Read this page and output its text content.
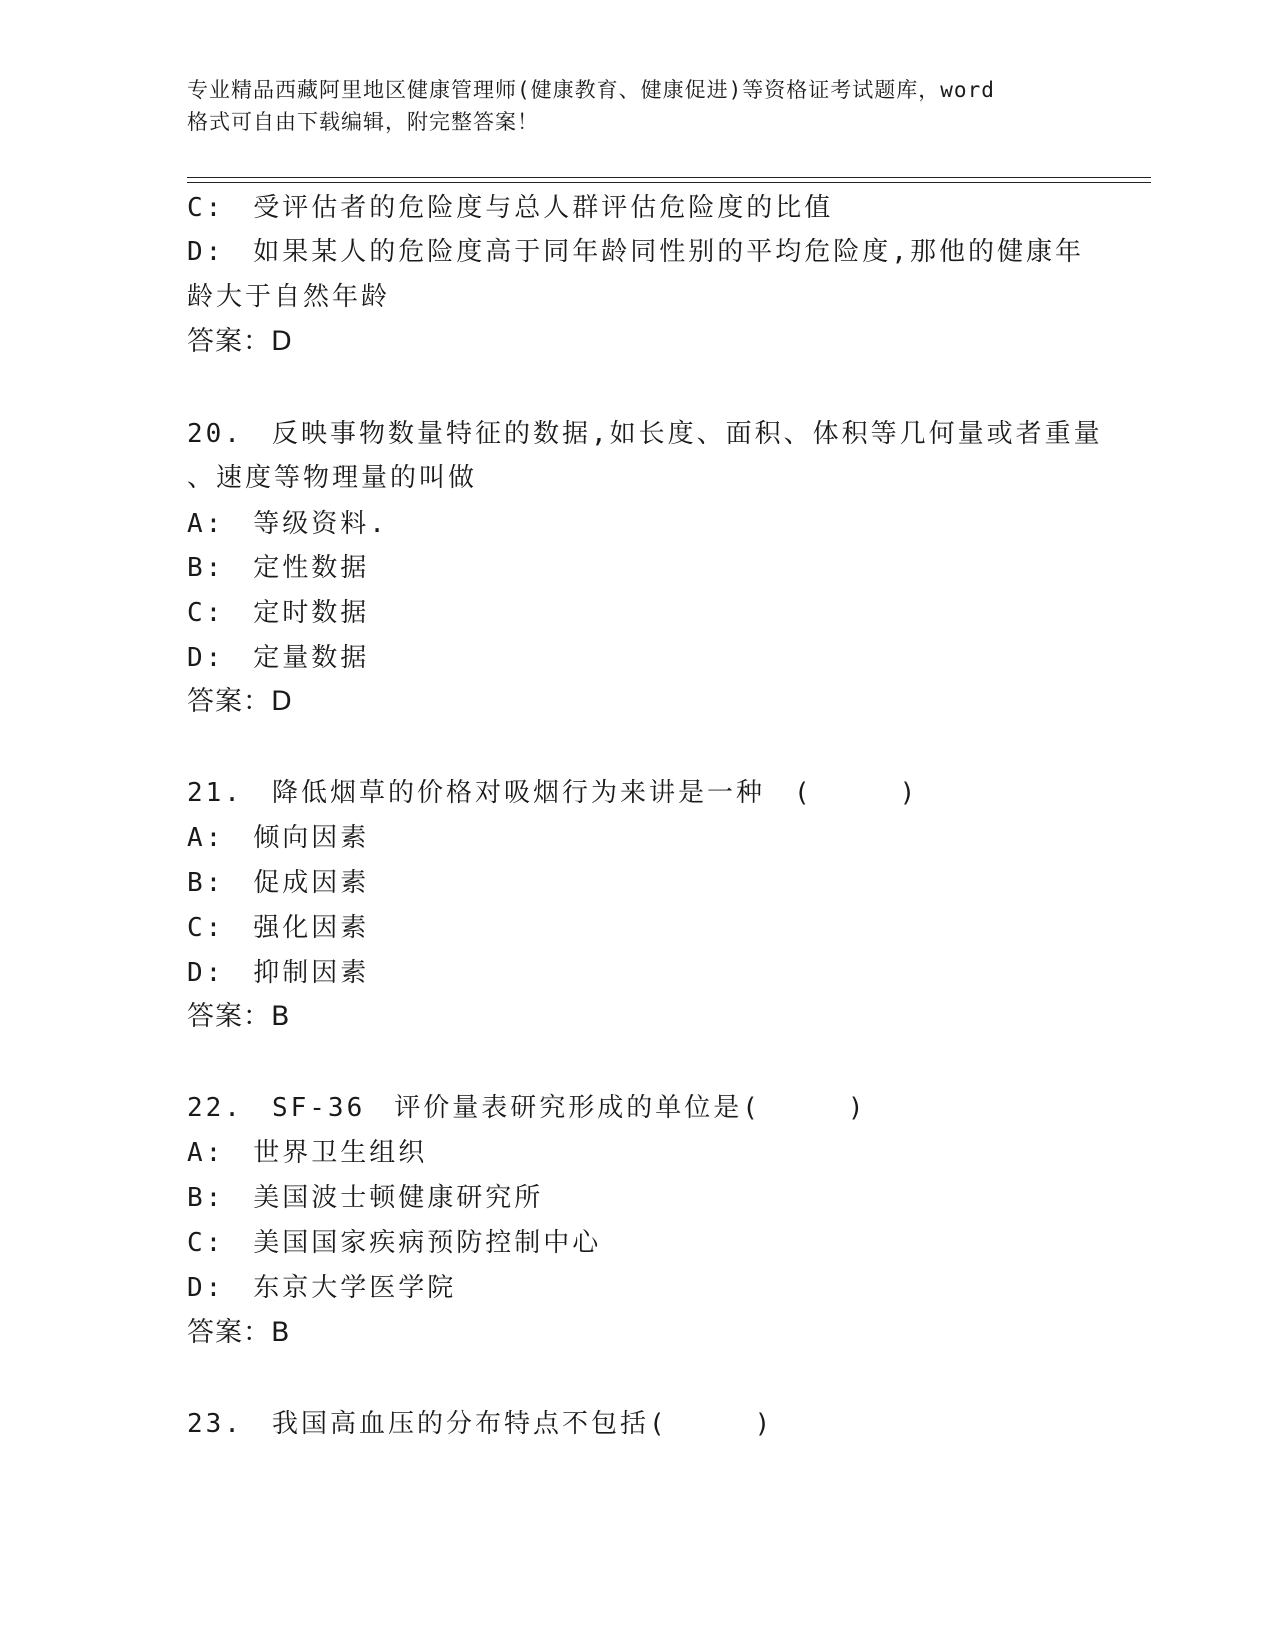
专业精品西藏阿里地区健康管理师(健康教育、健康促进)等资格证考试题库，word
格式可自由下载编辑，附完整答案！
C:　受评估者的危险度与总人群评估危险度的比值
D:　如果某人的危险度高于同年龄同性别的平均危险度,那他的健康年
龄大于自然年龄
答案：D
20.　反映事物数量特征的数据,如长度、面积、体积等几何量或者重量
、速度等物理量的叫做
A:　等级资料.
B:　定性数据
C:　定时数据
D:　定量数据
答案：D
21.　降低烟草的价格对吸烟行为来讲是一种　(　　　)
A:　倾向因素
B:　促成因素
C:　强化因素
D:　抑制因素
答案：B
22.　SF-36　评价量表研究形成的单位是(　　　)
A:　世界卫生组织
B:　美国波士顿健康研究所
C:　美国国家疾病预防控制中心
D:　东京大学医学院
答案：B
23.　我国高血压的分布特点不包括(　　　)
